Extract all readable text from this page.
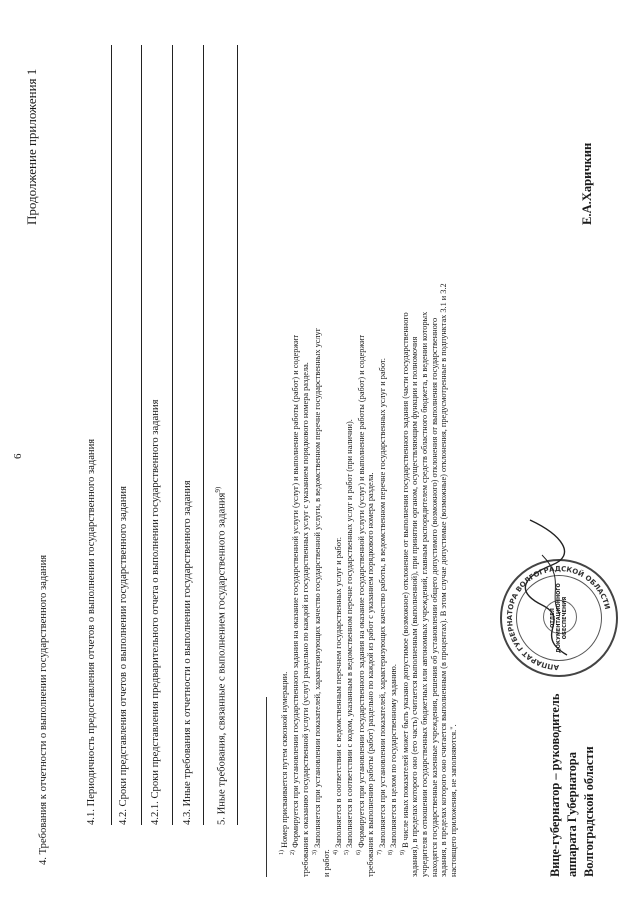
6
Продолжение приложения 1
4. Требования к отчетности о выполнении государственного задания	4.1. Периодичность предоставления отчетов о выполнении государственного задания 4.2. Сроки представления отчетов о выполнении государственного задания 4.2.1. Сроки представления предварительного отчета о выполнении государственного задания 4.3. Иные требования к отчетности о выполнении государственного задания 5. Иные требования, связанные с выполнением государственного задания$^{9)}$

$^{1)}$ Номер присваивается путем сквозной нумерации.

$^{2)}$ Формируется при установлении государственного задания на оказание государственной услуги (услуг) и выполнение работы (работ) и содержит требования к оказанию государственной услуги (услуг) раздельно по каждой из государственных услуг с указанием порядкового номера раздела. $^{3)}$ Заполняется при установлении показателей, характеризующих качество государственной услуги, в ведомственном перечне государственных услуг

и работ. $^{4)}$ Заполняется в соответствии с ведомственным перечнем государственных услуг и работ.

$^{5)}$ Заполняется в соответствии с кодом, указанным в ведомственном перечне государственных услуг и работ (при наличии).

$^{6)}$ Формируется при установлении государственного задания на оказание государственной услуги (услуг) и выполнение работы (работ) и содержит требования к выполнению работы (работ) раздельно по каждой из работ с указанием порядкового номера раздела. $^{7)}$ Заполняется при установлении показателей, характеризующих качество работы, в ведомственном перечне государственных услуг и работ.

$^{8)}$ Заполняется в целом по государственному заданию.

$^{9)}$ В числе иных показателей может быть указано допустимое (возможное) отклонение от выполнения государственного задания (части государственного задания), в пределах которого оно (его часть) считается выполненным (выполненной), при принятии органом, осуществляющим функции и полномочия учредителя в отношении государственных бюджетных или автономных учреждений, главным распорядителем средств областного бюджета, в ведении которых находятся государственные казенные учреждения, решения об установлении общего допустимого (возможного) отклонения от выполнения государственного задания, в пределах которого оно считается выполненным (в процентах). В этом случае допустимые (возможные) отклонения, предусмотренные в подпунктах 3.1 и 3.2 настоящего приложения, не заполняются.".

АППАРАТ ГУБЕРНАТОРА ВОЛГОГРАДСКОЙ ОБЛАСТИ
ОТДЕЛ ДОКУМЕНТАЦИОННОГО ОБЕСПЕЧЕНИЯ
Вице-губернатор – руководитель аппарата Губернатора Волгоградской области
Е.А.Харичкин
